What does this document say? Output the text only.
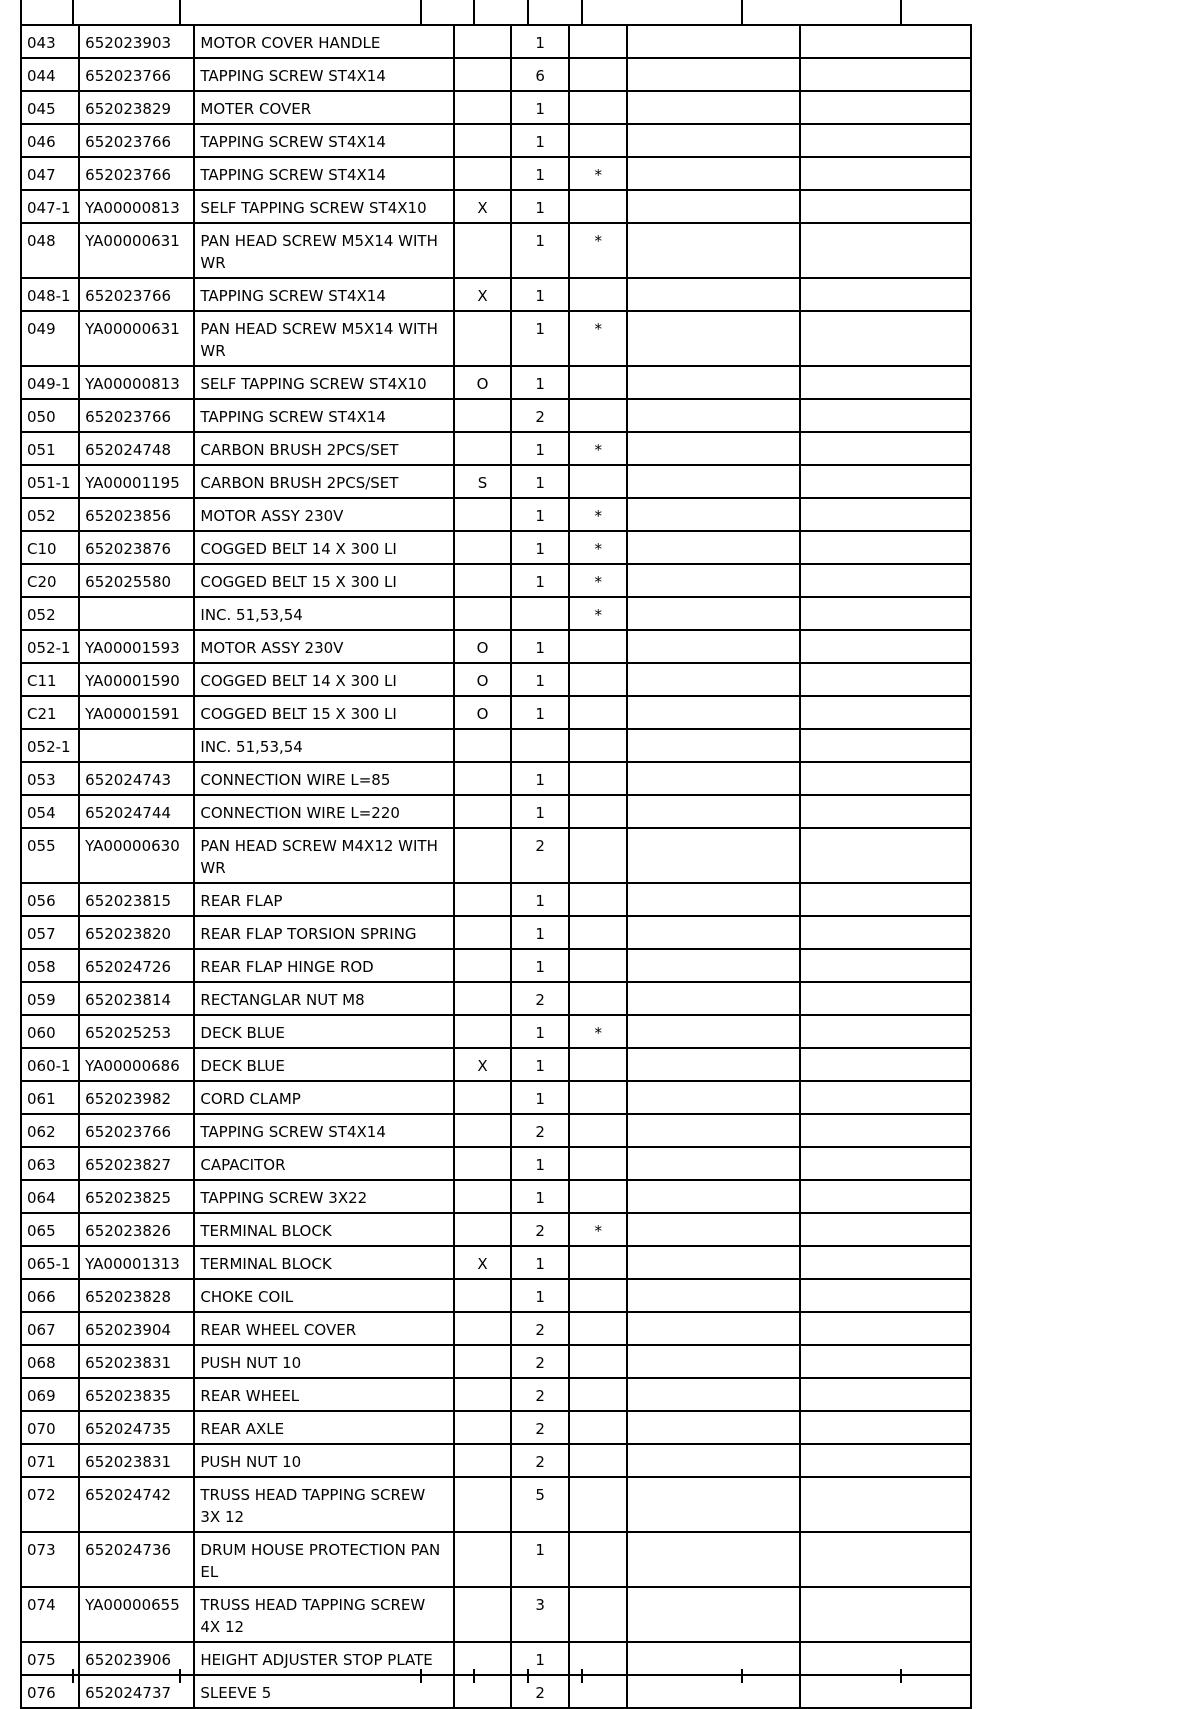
043	652023903	MOTOR COVER HANDLE		1			
044	652023766	TAPPING SCREW ST4X14		6			
045	652023829	MOTER COVER		1			
046	652023766	TAPPING SCREW ST4X14		1			
047	652023766	TAPPING SCREW ST4X14		1	*		
047-1	YA00000813	SELF TAPPING SCREW ST4X10	X	1			
048	YA00000631	PAN HEAD SCREW M5X14 WITH WR		1	*		
048-1	652023766	TAPPING SCREW ST4X14	X	1			
049	YA00000631	PAN HEAD SCREW M5X14 WITH WR		1	*		
049-1	YA00000813	SELF TAPPING SCREW ST4X10	O	1			
050	652023766	TAPPING SCREW ST4X14		2			
051	652024748	CARBON BRUSH 2PCS/SET		1	*		
051-1	YA00001195	CARBON BRUSH 2PCS/SET	S	1			
052	652023856	MOTOR ASSY 230V		1	*		
C10	652023876	COGGED BELT 14 X 300 LI		1	*		
C20	652025580	COGGED BELT 15 X 300 LI		1	*		
052		INC. 51,53,54			*		
052-1	YA00001593	MOTOR ASSY 230V	O	1			
C11	YA00001590	COGGED BELT 14 X 300 LI	O	1			
C21	YA00001591	COGGED BELT 15 X 300 LI	O	1			
052-1		INC. 51,53,54					
053	652024743	CONNECTION WIRE L=85		1			
054	652024744	CONNECTION WIRE L=220		1			
055	YA00000630	PAN HEAD SCREW M4X12 WITH WR		2			
056	652023815	REAR FLAP		1			
057	652023820	REAR FLAP TORSION SPRING		1			
058	652024726	REAR FLAP HINGE ROD		1			
059	652023814	RECTANGLAR NUT M8		2			
060	652025253	DECK BLUE		1	*		
060-1	YA00000686	DECK BLUE	X	1			
061	652023982	CORD CLAMP		1			
062	652023766	TAPPING SCREW ST4X14		2			
063	652023827	CAPACITOR		1			
064	652023825	TAPPING SCREW 3X22		1			
065	652023826	TERMINAL BLOCK		2	*		
065-1	YA00001313	TERMINAL BLOCK	X	1			
066	652023828	CHOKE COIL		1			
067	652023904	REAR WHEEL COVER		2			
068	652023831	PUSH NUT 10		2			
069	652023835	REAR WHEEL		2			
070	652024735	REAR AXLE		2			
071	652023831	PUSH NUT 10		2			
072	652024742	TRUSS HEAD TAPPING SCREW 3X 12		5			
073	652024736	DRUM HOUSE PROTECTION PAN EL		1			
074	YA00000655	TRUSS HEAD TAPPING SCREW 4X 12		3			
075	652023906	HEIGHT ADJUSTER STOP PLATE		1			
076	652024737	SLEEVE 5		2			
